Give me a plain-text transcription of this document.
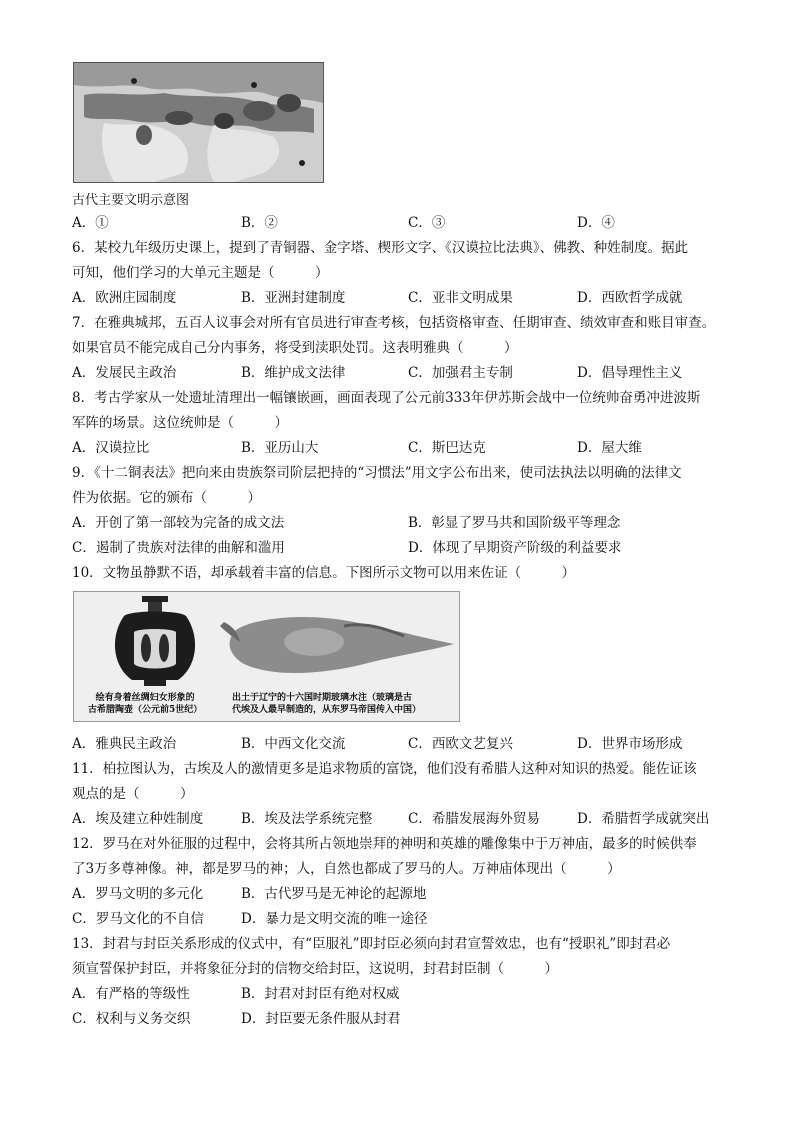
古代主要文明示意图
A．①	B．②	C．③	D．④
6．某校九年级历史课上，提到了青铜器、金字塔、楔形文字、《汉谟拉比法典》、佛教、种姓制度。据此
可知，他们学习的大单元主题是（　　　）
A．欧洲庄园制度	B．亚洲封建制度	C．亚非文明成果	D．西欧哲学成就
7．在雅典城邦，五百人议事会对所有官员进行审查考核，包括资格审查、任期审查、绩效审查和账目审查。
如果官员不能完成自己分内事务，将受到渎职处罚。这表明雅典（　　　）
A．发展民主政治	B．维护成文法律	C．加强君主专制	D．倡导理性主义
8．考古学家从一处遗址清理出一幅镶嵌画，画面表现了公元前333年伊苏斯会战中一位统帅奋勇冲进波斯
军阵的场景。这位统帅是（　　　）
A．汉谟拉比	B．亚历山大	C．斯巴达克	D．屋大维
9．《十二铜表法》把向来由贵族祭司阶层把持的“习惯法”用文字公布出来，使司法执法以明确的法律文
件为依据。它的颁布（　　　）
A．开创了第一部较为完备的成文法	B．彰显了罗马共和国阶级平等理念
C．遏制了贵族对法律的曲解和滥用	D．体现了早期资产阶级的利益要求
10．文物虽静默不语，却承载着丰富的信息。下图所示文物可以用来佐证（　　　）
绘有身着丝绸妇女形象的
古希腊陶壶（公元前5世纪）
出土于辽宁的十六国时期玻璃水注（玻璃是古
代埃及人最早制造的，从东罗马帝国传入中国）
A．雅典民主政治	B．中西文化交流	C．西欧文艺复兴	D．世界市场形成
11．柏拉图认为，古埃及人的激情更多是追求物质的富饶，他们没有希腊人这种对知识的热爱。能佐证该
观点的是（　　　）
A．埃及建立种姓制度	B．埃及法学系统完整	C．希腊发展海外贸易	D．希腊哲学成就突出
12．罗马在对外征服的过程中，会将其所占领地崇拜的神明和英雄的雕像集中于万神庙，最多的时候供奉
了3万多尊神像。神，都是罗马的神；人，自然也都成了罗马的人。万神庙体现出（　　　）
A．罗马文明的多元化	B．古代罗马是无神论的起源地
C．罗马文化的不自信	D．暴力是文明交流的唯一途径
13．封君与封臣关系形成的仪式中，有“臣服礼”即封臣必须向封君宣誓效忠，也有“授职礼”即封君必
须宣誓保护封臣，并将象征分封的信物交给封臣，这说明，封君封臣制（　　　）
A．有严格的等级性	B．封君对封臣有绝对权威
C．权利与义务交织	D．封臣要无条件服从封君
